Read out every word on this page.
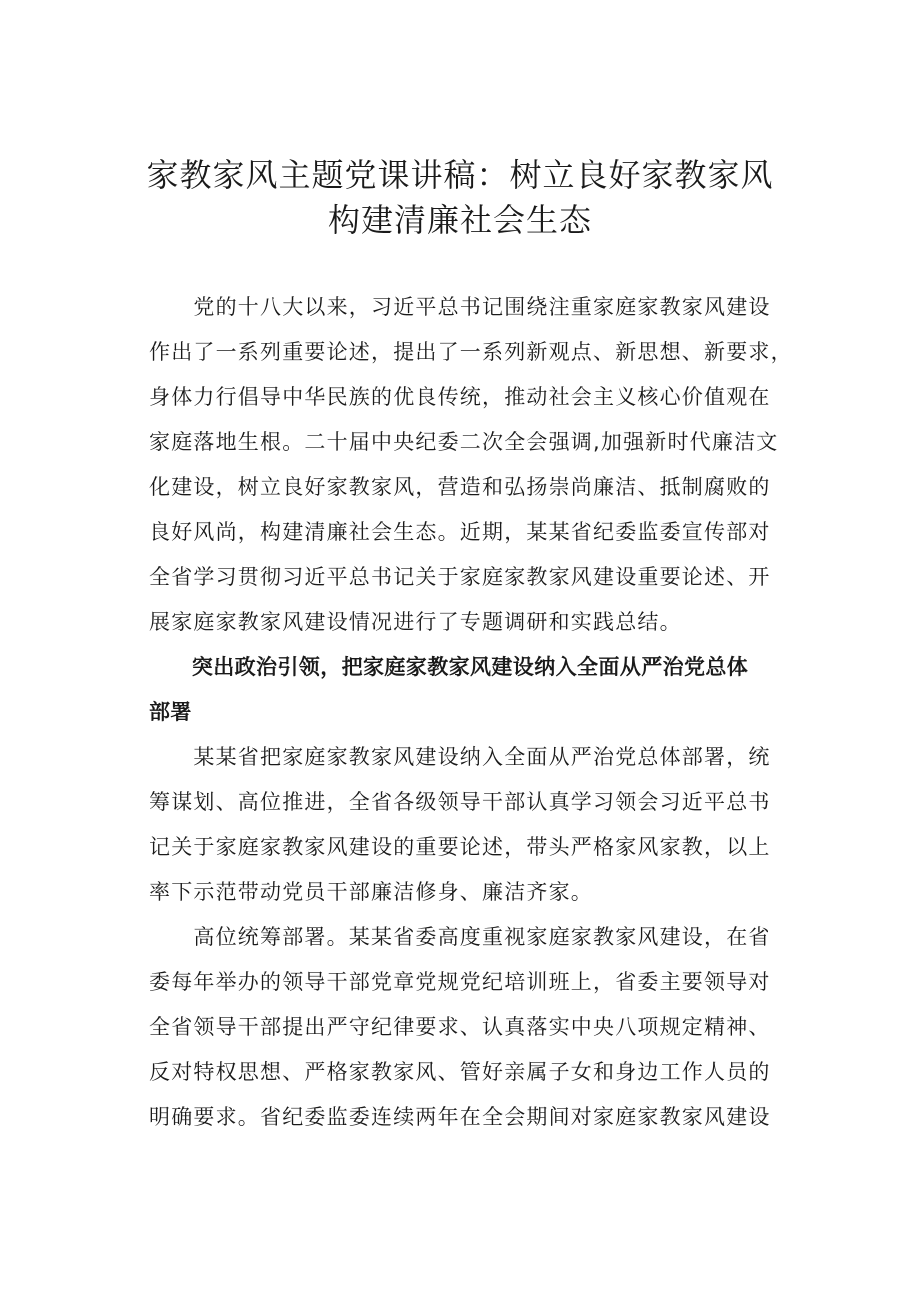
家教家风主题党课讲稿：树立良好家教家风
构建清廉社会生态
　　党的十八大以来，习近平总书记围绕注重家庭家教家风建设
作出了一系列重要论述，提出了一系列新观点、新思想、新要求，
身体力行倡导中华民族的优良传统，推动社会主义核心价值观在
家庭落地生根。二十届中央纪委二次全会强调,加强新时代廉洁文
化建设，树立良好家教家风，营造和弘扬崇尚廉洁、抵制腐败的
良好风尚，构建清廉社会生态。近期，某某省纪委监委宣传部对
全省学习贯彻习近平总书记关于家庭家教家风建设重要论述、开
展家庭家教家风建设情况进行了专题调研和实践总结。
　　突出政治引领，把家庭家教家风建设纳入全面从严治党总体
部署
　　某某省把家庭家教家风建设纳入全面从严治党总体部署，统
筹谋划、高位推进，全省各级领导干部认真学习领会习近平总书
记关于家庭家教家风建设的重要论述，带头严格家风家教，以上
率下示范带动党员干部廉洁修身、廉洁齐家。
　　高位统筹部署。某某省委高度重视家庭家教家风建设，在省
委每年举办的领导干部党章党规党纪培训班上，省委主要领导对
全省领导干部提出严守纪律要求、认真落实中央八项规定精神、
反对特权思想、严格家教家风、管好亲属子女和身边工作人员的
明确要求。省纪委监委连续两年在全会期间对家庭家教家风建设
